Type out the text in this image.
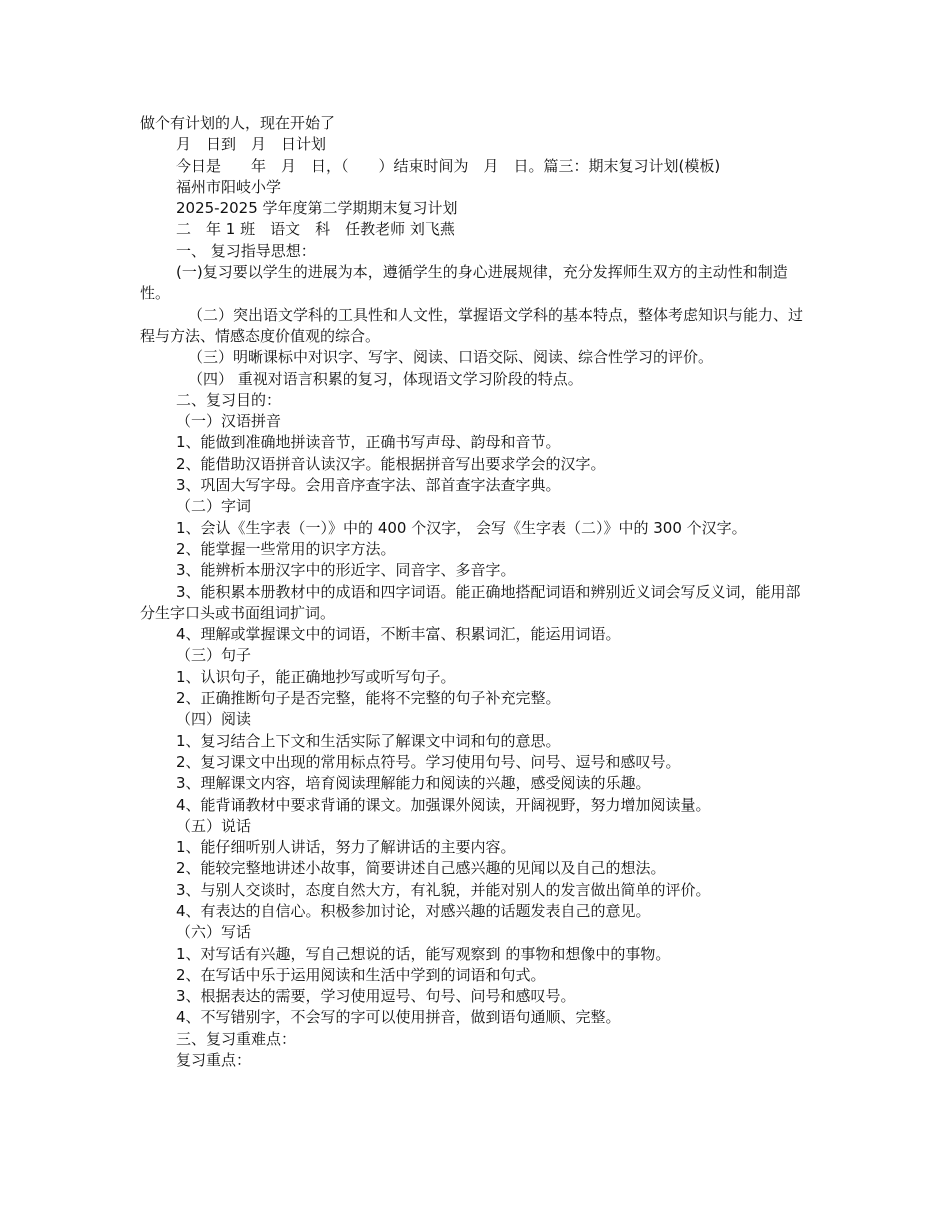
做个有计划的人，现在开始了
月　日到　月　日计划
今日是　　年　月　日，（　　）结束时间为　月　日。篇三：期末复习计划(模板)
福州市阳岐小学
2025-2025 学年度第二学期期末复习计划
二　年 1 班　语文　科　任教老师 刘飞燕
一、 复习指导思想：
(一)复习要以学生的进展为本，遵循学生的身心进展规律，充分发挥师生双方的主动性和制造性。
（二）突出语文学科的工具性和人文性，掌握语文学科的基本特点，整体考虑知识与能力、过程与方法、情感态度价值观的综合。
（三）明晰课标中对识字、写字、阅读、口语交际、阅读、综合性学习的评价。
（四） 重视对语言积累的复习，体现语文学习阶段的特点。
二、复习目的：
（一）汉语拼音
1、能做到准确地拼读音节，正确书写声母、韵母和音节。
2、能借助汉语拼音认读汉字。能根据拼音写出要求学会的汉字。
3、巩固大写字母。会用音序查字法、部首查字法查字典。
（二）字词
1、会认《生字表（一）》中的 400 个汉字， 会写《生字表（二）》中的 300 个汉字。
2、能掌握一些常用的识字方法。
3、能辨析本册汉字中的形近字、同音字、多音字。
3、能积累本册教材中的成语和四字词语。能正确地搭配词语和辨别近义词会写反义词，能用部分生字口头或书面组词扩词。
4、理解或掌握课文中的词语，不断丰富、积累词汇，能运用词语。
（三）句子
1、认识句子，能正确地抄写或听写句子。
2、正确推断句子是否完整，能将不完整的句子补充完整。
（四）阅读
1、复习结合上下文和生活实际了解课文中词和句的意思。
2、复习课文中出现的常用标点符号。学习使用句号、问号、逗号和感叹号。
3、理解课文内容，培育阅读理解能力和阅读的兴趣，感受阅读的乐趣。
4、能背诵教材中要求背诵的课文。加强课外阅读，开阔视野，努力增加阅读量。
（五）说话
1、能仔细听别人讲话，努力了解讲话的主要内容。
2、能较完整地讲述小故事，简要讲述自己感兴趣的见闻以及自己的想法。
3、与别人交谈时，态度自然大方，有礼貌，并能对别人的发言做出简单的评价。
4、有表达的自信心。积极参加讨论，对感兴趣的话题发表自己的意见。
（六）写话
1、对写话有兴趣，写自己想说的话，能写观察到 的事物和想像中的事物。
2、在写话中乐于运用阅读和生活中学到的词语和句式。
3、根据表达的需要，学习使用逗号、句号、问号和感叹号。
4、不写错别字，不会写的字可以使用拼音，做到语句通顺、完整。
三、复习重难点：
复习重点：
